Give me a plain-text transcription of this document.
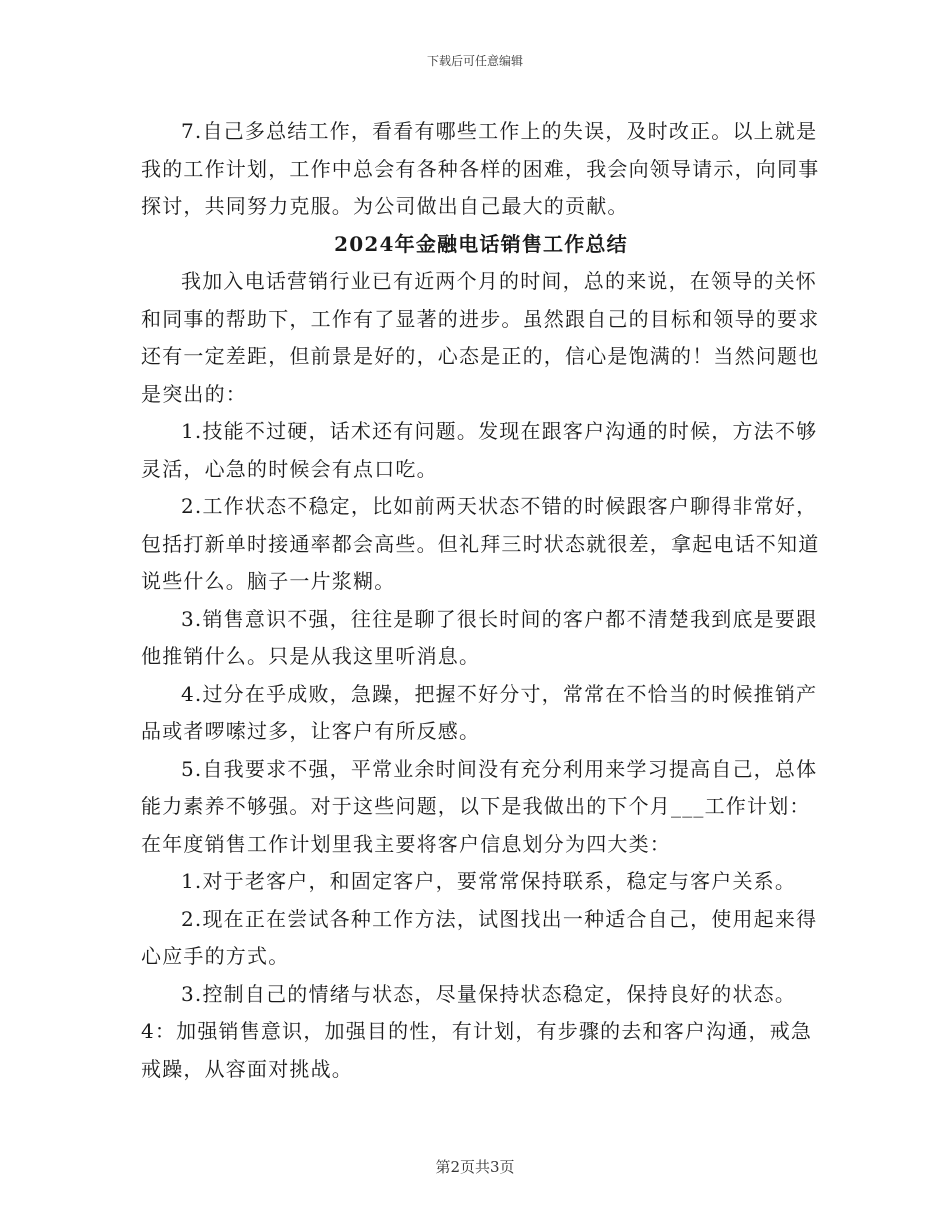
下载后可任意编辑

7.自己多总结工作，看看有哪些工作上的失误，及时改正。以上就是我的工作计划，工作中总会有各种各样的困难，我会向领导请示，向同事探讨，共同努力克服。为公司做出自己最大的贡献。

2024年金融电话销售工作总结

我加入电话营销行业已有近两个月的时间，总的来说，在领导的关怀和同事的帮助下，工作有了显著的进步。虽然跟自己的目标和领导的要求还有一定差距，但前景是好的，心态是正的，信心是饱满的！当然问题也是突出的：

1.技能不过硬，话术还有问题。发现在跟客户沟通的时候，方法不够灵活，心急的时候会有点口吃。

2.工作状态不稳定，比如前两天状态不错的时候跟客户聊得非常好，包括打新单时接通率都会高些。但礼拜三时状态就很差，拿起电话不知道说些什么。脑子一片浆糊。

3.销售意识不强，往往是聊了很长时间的客户都不清楚我到底是要跟他推销什么。只是从我这里听消息。

4.过分在乎成败，急躁，把握不好分寸，常常在不恰当的时候推销产品或者啰嗦过多，让客户有所反感。

5.自我要求不强，平常业余时间没有充分利用来学习提高自己，总体能力素养不够强。对于这些问题，以下是我做出的下个月___工作计划：在年度销售工作计划里我主要将客户信息划分为四大类：

1.对于老客户，和固定客户，要常常保持联系，稳定与客户关系。

2.现在正在尝试各种工作方法，试图找出一种适合自己，使用起来得心应手的方式。

3.控制自己的情绪与状态，尽量保持状态稳定，保持良好的状态。

4：加强销售意识，加强目的性，有计划，有步骤的去和客户沟通，戒急戒躁，从容面对挑战。

第2页共3页
